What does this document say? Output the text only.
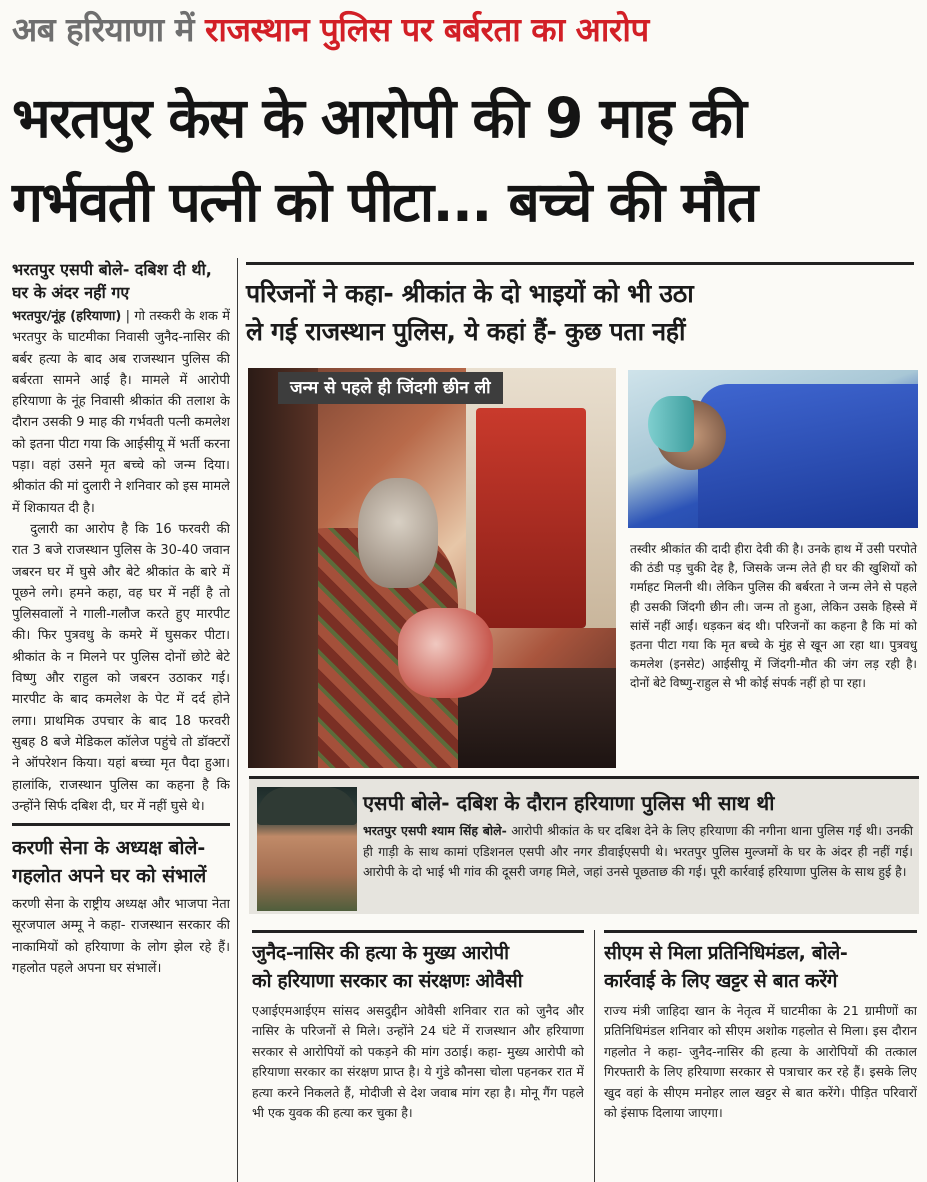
अब हरियाणा में राजस्थान पुलिस पर बर्बरता का आरोप
भरतपुर केस के आरोपी की 9 माह की
गर्भवती पत्नी को पीटा... बच्चे की मौत
भरतपुर एसपी बोले- दबिश दी थी, घर के अंदर नहीं गए
भरतपुर/नूंह (हरियाणा) | गो तस्करी के शक में भरतपुर के घाटमीका निवासी जुनैद-नासिर की बर्बर हत्या के बाद अब राजस्थान पुलिस की बर्बरता सामने आई है। मामले में आरोपी हरियाणा के नूंह निवासी श्रीकांत की तलाश के दौरान उसकी 9 माह की गर्भवती पत्नी कमलेश को इतना पीटा गया कि आईसीयू में भर्ती करना पड़ा। वहां उसने मृत बच्चे को जन्म दिया। श्रीकांत की मां दुलारी ने शनिवार को इस मामले में शिकायत दी है।
दुलारी का आरोप है कि 16 फरवरी की रात 3 बजे राजस्थान पुलिस के 30-40 जवान जबरन घर में घुसे और बेटे श्रीकांत के बारे में पूछने लगे। हमने कहा, वह घर में नहीं है तो पुलिसवालों ने गाली-गलौज करते हुए मारपीट की। फिर पुत्रवधु के कमरे में घुसकर पीटा। श्रीकांत के न मिलने पर पुलिस दोनों छोटे बेटे विष्णु और राहुल को जबरन उठाकर गई। मारपीट के बाद कमलेश के पेट में दर्द होने लगा। प्राथमिक उपचार के बाद 18 फरवरी सुबह 8 बजे मेडिकल कॉलेज पहुंचे तो डॉक्टरों ने ऑपरेशन किया। यहां बच्चा मृत पैदा हुआ। हालांकि, राजस्थान पुलिस का कहना है कि उन्होंने सिर्फ दबिश दी, घर में नहीं घुसे थे।
करणी सेना के अध्यक्ष बोले- गहलोत अपने घर को संभालें
करणी सेना के राष्ट्रीय अध्यक्ष और भाजपा नेता सूरजपाल अम्मू ने कहा- राजस्थान सरकार की नाकामियों को हरियाणा के लोग झेल रहे हैं। गहलोत पहले अपना घर संभालें।
परिजनों ने कहा- श्रीकांत के दो भाइयों को भी उठा
ले गई राजस्थान पुलिस, ये कहां हैं- कुछ पता नहीं
जन्म से पहले ही जिंदगी छीन ली
तस्वीर श्रीकांत की दादी हीरा देवी की है। उनके हाथ में उसी परपोते की ठंडी पड़ चुकी देह है, जिसके जन्म लेते ही घर की खुशियों को गर्माहट मिलनी थी। लेकिन पुलिस की बर्बरता ने जन्म लेने से पहले ही उसकी जिंदगी छीन ली। जन्म तो हुआ, लेकिन उसके हिस्से में सांसें नहीं आईं। धड़कन बंद थी। परिजनों का कहना है कि मां को इतना पीटा गया कि मृत बच्चे के मुंह से खून आ रहा था। पुत्रवधु कमलेश (इनसेट) आईसीयू में जिंदगी-मौत की जंग लड़ रही है। दोनों बेटे विष्णु-राहुल से भी कोई संपर्क नहीं हो पा रहा।
एसपी बोले- दबिश के दौरान हरियाणा पुलिस भी साथ थी
भरतपुर एसपी श्याम सिंह बोले- आरोपी श्रीकांत के घर दबिश देने के लिए हरियाणा की नगीना थाना पुलिस गई थी। उनकी ही गाड़ी के साथ कामां एडिशनल एसपी और नगर डीवाईएसपी थे। भरतपुर पुलिस मुल्जमों के घर के अंदर ही नहीं गई। आरोपी के दो भाई भी गांव की दूसरी जगह मिले, जहां उनसे पूछताछ की गई। पूरी कार्रवाई हरियाणा पुलिस के साथ हुई है।
जुनैद-नासिर की हत्या के मुख्य आरोपी
को हरियाणा सरकार का संरक्षणः ओवैसी
एआईएमआईएम सांसद असदुद्दीन ओवैसी शनिवार रात को जुनैद और नासिर के परिजनों से मिले। उन्होंने 24 घंटे में राजस्थान और हरियाणा सरकार से आरोपियों को पकड़ने की मांग उठाई। कहा- मुख्य आरोपी को हरियाणा सरकार का संरक्षण प्राप्त है। ये गुंडे कौनसा चोला पहनकर रात में हत्या करने निकलते हैं, मोदीजी से देश जवाब मांग रहा है। मोनू गैंग पहले भी एक युवक की हत्या कर चुका है।
सीएम से मिला प्रतिनिधिमंडल, बोले-
कार्रवाई के लिए खट्टर से बात करेंगे
राज्य मंत्री जाहिदा खान के नेतृत्व में घाटमीका के 21 ग्रामीणों का प्रतिनिधिमंडल शनिवार को सीएम अशोक गहलोत से मिला। इस दौरान गहलोत ने कहा- जुनैद-नासिर की हत्या के आरोपियों की तत्काल गिरफ्तारी के लिए हरियाणा सरकार से पत्राचार कर रहे हैं। इसके लिए खुद वहां के सीएम मनोहर लाल खट्टर से बात करेंगे। पीड़ित परिवारों को इंसाफ दिलाया जाएगा।
